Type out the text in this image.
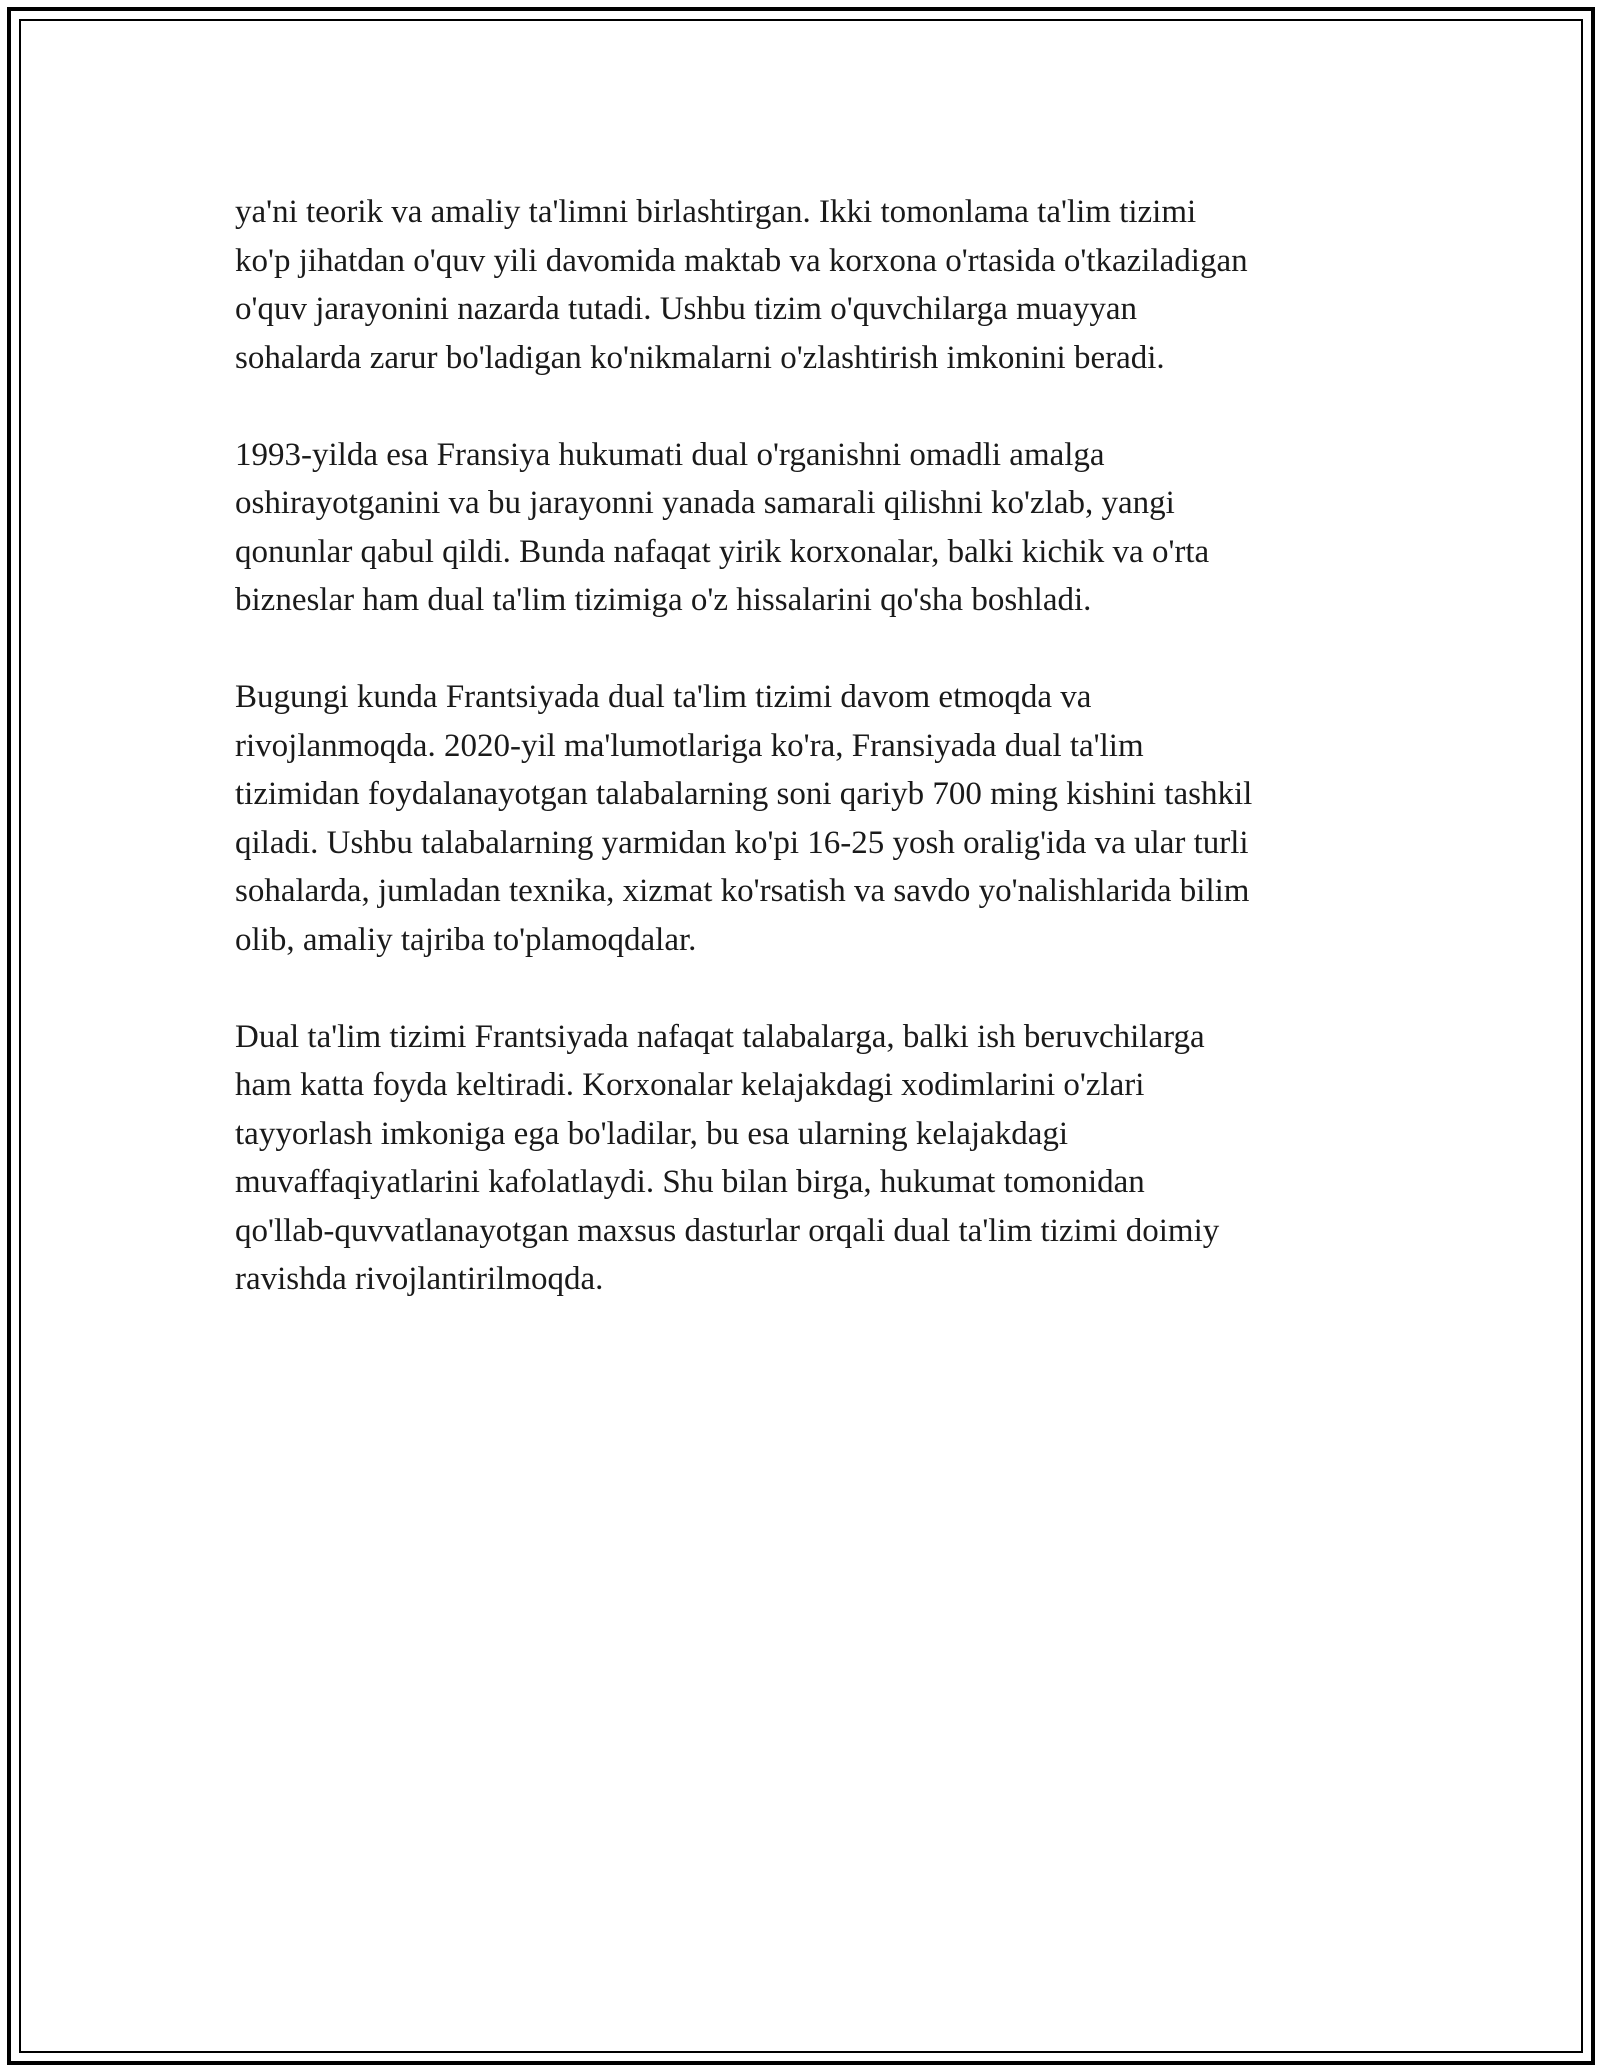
ya'ni teorik va amaliy ta'limni birlashtirgan. Ikki tomonlama ta'lim tizimi
ko'p jihatdan o'quv yili davomida maktab va korxona o'rtasida o'tkaziladigan
o'quv jarayonini nazarda tutadi. Ushbu tizim o'quvchilarga muayyan
sohalarda zarur bo'ladigan ko'nikmalarni o'zlashtirish imkonini beradi.

1993-yilda esa Fransiya hukumati dual o'rganishni omadli amalga
oshirayotganini va bu jarayonni yanada samarali qilishni ko'zlab, yangi
qonunlar qabul qildi. Bunda nafaqat yirik korxonalar, balki kichik va o'rta
bizneslar ham dual ta'lim tizimiga o'z hissalarini qo'sha boshladi.

Bugungi kunda Frantsiyada dual ta'lim tizimi davom etmoqda va
rivojlanmoqda. 2020-yil ma'lumotlariga ko'ra, Fransiyada dual ta'lim
tizimidan foydalanayotgan talabalarning soni qariyb 700 ming kishini tashkil
qiladi. Ushbu talabalarning yarmidan ko'pi 16-25 yosh oralig'ida va ular turli
sohalarda, jumladan texnika, xizmat ko'rsatish va savdo yo'nalishlarida bilim
olib, amaliy tajriba to'plamoqdalar.

Dual ta'lim tizimi Frantsiyada nafaqat talabalarga, balki ish beruvchilarga
ham katta foyda keltiradi. Korxonalar kelajakdagi xodimlarini o'zlari
tayyorlash imkoniga ega bo'ladilar, bu esa ularning kelajakdagi
muvaffaqiyatlarini kafolatlaydi. Shu bilan birga, hukumat tomonidan
qo'llab-quvvatlanayotgan maxsus dasturlar orqali dual ta'lim tizimi doimiy
ravishda rivojlantirilmoqda.
